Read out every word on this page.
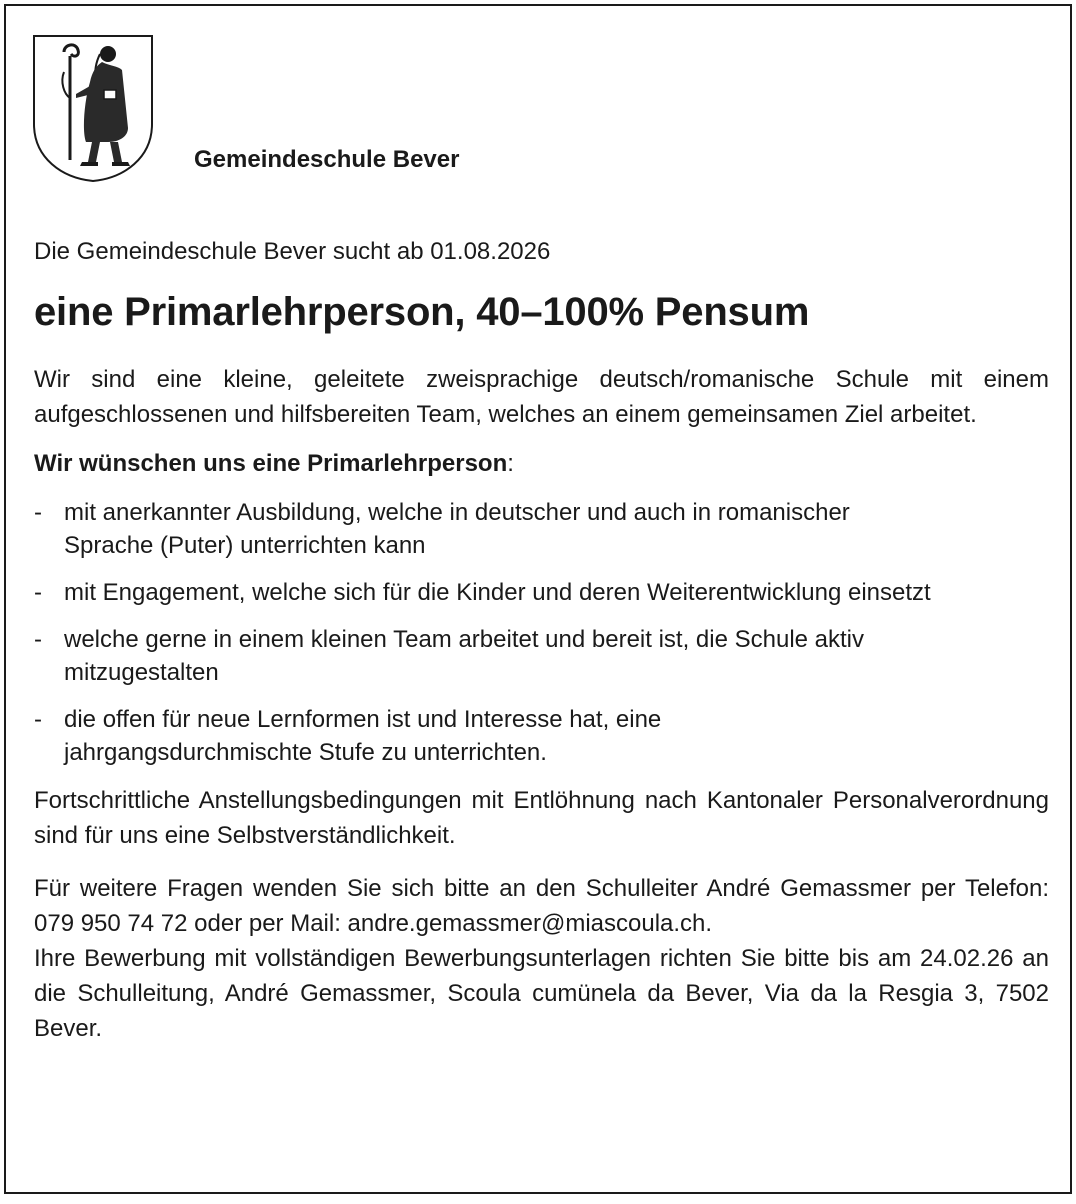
Gemeindeschule Bever

Die Gemeindeschule Bever sucht ab 01.08.2026

eine Primarlehrperson, 40–100% Pensum

Wir sind eine kleine, geleitete zweisprachige deutsch/romanische Schule mit einem aufgeschlossenen und hilfsbereiten Team, welches an einem gemeinsamen Ziel arbeitet.

Wir wünschen uns eine Primarlehrperson:
- mit anerkannter Ausbildung, welche in deutscher und auch in romanischer Sprache (Puter) unterrichten kann
- mit Engagement, welche sich für die Kinder und deren Weiterentwicklung einsetzt
- welche gerne in einem kleinen Team arbeitet und bereit ist, die Schule aktiv mitzugestalten
- die offen für neue Lernformen ist und Interesse hat, eine jahrgangsdurchmischte Stufe zu unterrichten.

Fortschrittliche Anstellungsbedingungen mit Entlöhnung nach Kantonaler Personalverordnung sind für uns eine Selbstverständlichkeit.

Für weitere Fragen wenden Sie sich bitte an den Schulleiter André Gemassmer per Telefon: 079 950 74 72 oder per Mail: andre.gemassmer@miascoula.ch.

Ihre Bewerbung mit vollständigen Bewerbungsunterlagen richten Sie bitte bis am 24.02.26 an die Schulleitung, André Gemassmer, Scoula cumünela da Bever, Via da la Resgia 3, 7502 Bever.
